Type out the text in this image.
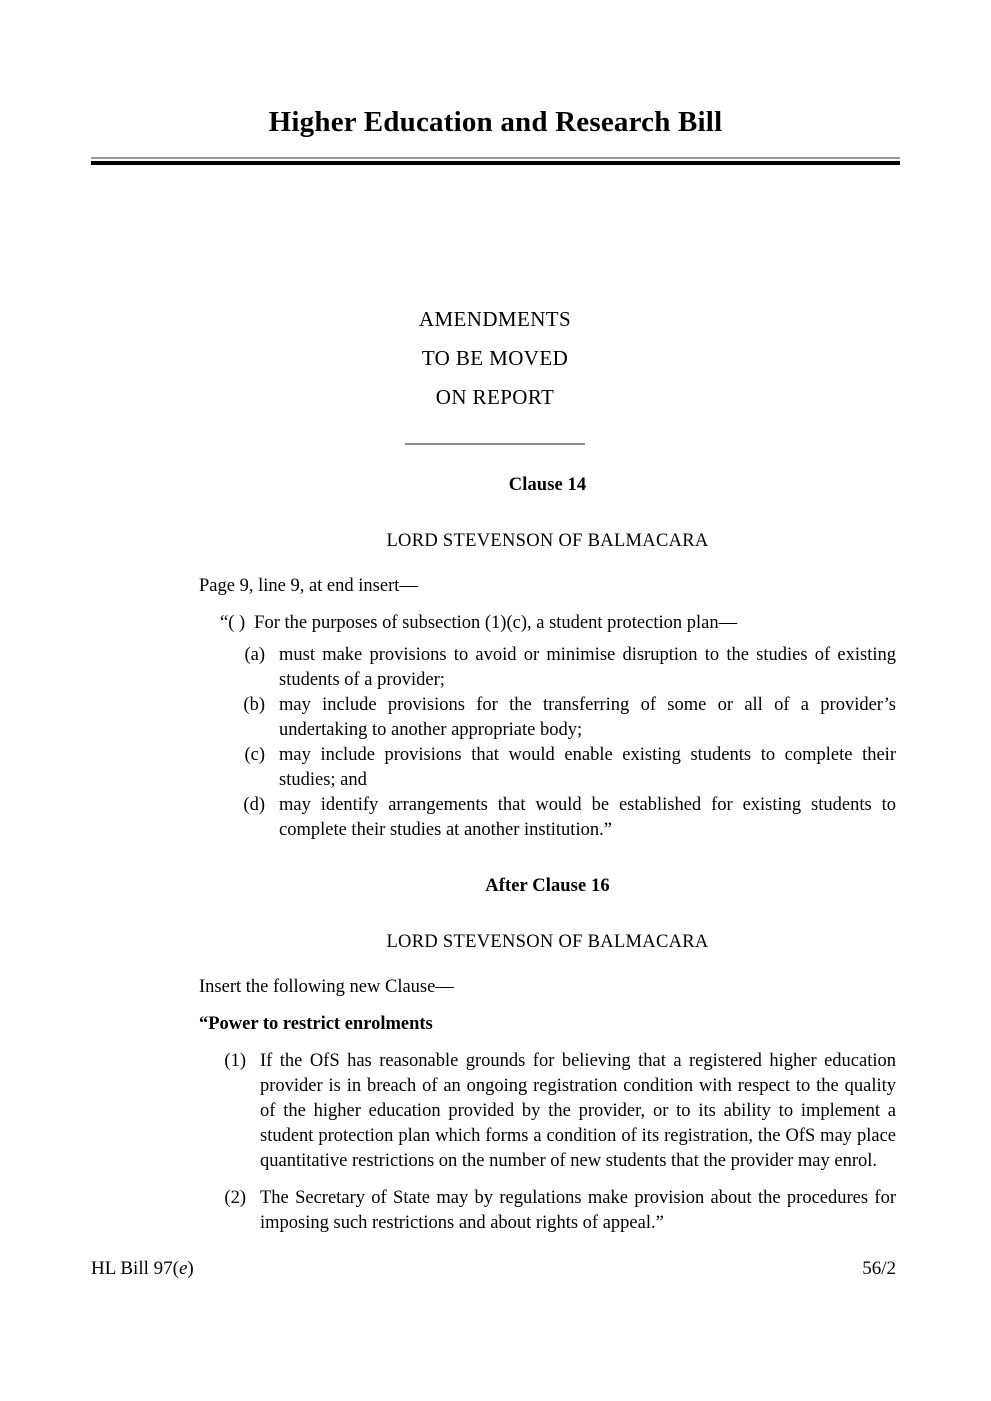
Higher Education and Research Bill
AMENDMENTS
TO BE MOVED
ON REPORT
Clause 14
LORD STEVENSON OF BALMACARA
Page 9, line 9, at end insert—
“( ) For the purposes of subsection (1)(c), a student protection plan—
(a) must make provisions to avoid or minimise disruption to the studies of existing students of a provider;
(b) may include provisions for the transferring of some or all of a provider’s undertaking to another appropriate body;
(c) may include provisions that would enable existing students to complete their studies; and
(d) may identify arrangements that would be established for existing students to complete their studies at another institution.”
After Clause 16
LORD STEVENSON OF BALMACARA
Insert the following new Clause—
“Power to restrict enrolments
(1) If the OfS has reasonable grounds for believing that a registered higher education provider is in breach of an ongoing registration condition with respect to the quality of the higher education provided by the provider, or to its ability to implement a student protection plan which forms a condition of its registration, the OfS may place quantitative restrictions on the number of new students that the provider may enrol.
(2) The Secretary of State may by regulations make provision about the procedures for imposing such restrictions and about rights of appeal.”
HL Bill 97(e)	56/2
